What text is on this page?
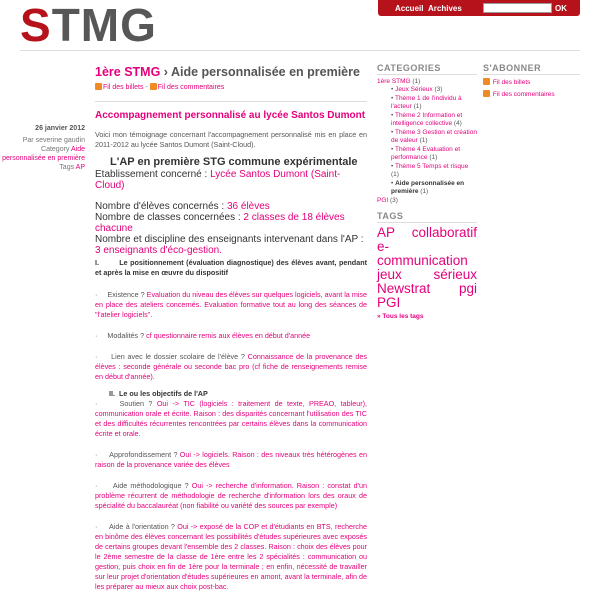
STMG	Accueil Archives	OK
26 janvier 2012
Par severine gaudin
Category Aide personnalisée en première
Tags AP
1ère STMG › Aide personnalisée en première
Fil des billets - Fil des commentaires
Accompagnement personnalisé au lycée Santos Dumont
Voici mon témoignage concernant l'accompagnement personnalisé mis en place en 2011-2012 au lycée Santos Dumont (Saint-Cloud).
L'AP en première STG commune expérimentale
Etablissement concerné : Lycée Santos Dumont (Saint-Cloud)
Nombre d'élèves concernés : 36 élèves
Nombre de classes concernées : 2 classes de 18 élèves chacune
Nombre et discipline des enseignants intervenant dans l'AP : 3 enseignants d'éco-gestion.
I.	Le positionnement (évaluation diagnostique) des élèves avant, pendant et après la mise en œuvre du dispositif
·     Existence ? Evaluation du niveau des élèves sur quelques logiciels, avant la mise en place des ateliers concernés. Evaluation formative tout au long des séances de "l'atelier logiciels".
·     Modalités ? cf questionnaire remis aux élèves en début d'année
·     Lien avec le dossier scolaire de l'élève ? Connaissance de la provenance des élèves : seconde générale ou seconde bac pro (cf fiche de renseignements remise en début d'année).
II. Le ou les objectifs de l'AP
·     Soutien ? Oui -> TIC (logiciels : traitement de texte, PREAO, tableur), communication orale et écrite. Raison : des disparités concernant l'utilisation des TIC et des difficultés récurrentes rencontrées par certains élèves dans la communication écrite et orale.
·     Approfondissement ? Oui -> logiciels. Raison : des niveaux très hétérogènes en raison de la provenance variée des élèves
·     Aide méthodologique ? Oui -> recherche d'information. Raison : constat d'un problème récurrent de méthodologie de recherche d'information lors des oraux de spécialité du baccalauréat (non fiabilité ou variété des sources par exemple)
·     Aide à l'orientation ? Oui -> exposé de la COP et d'étudiants en BTS, recherche en binôme des élèves concernant les possibilités d'études supérieures avec exposés de certains groupes devant l'ensemble des 2 classes. Raison : choix des élèves pour le 2ème semestre de la classe de 1ère entre les 2 spécialités : communication ou gestion, puis choix en fin de 1ère pour la terminale ; en enfin, nécessité de travailler sur leur projet d'orientation d'études supérieures en amont, avant la terminale, afin de les préparer au mieux aux choix post-bac.
CATEGORIES
1ère STMG (1)
• Jeux Sérieux (3)
• Thème 1 de l'individu à l'acteur (1)
• Thème 2 Information et intelligence collective (4)
• Thème 3 Gestion et création de valeur (1)
• Thème 4 Evaluation et performance (1)
• Thème 5 Temps et risque (1)
• Aide personnalisée en première (1)
PGI (3)
TAGS
AP collaboratif
e-communication
jeux sérieux
Newstrat pgi
PGI
» Tous les tags
S'ABONNER
Fil des billets
Fil des commentaires
